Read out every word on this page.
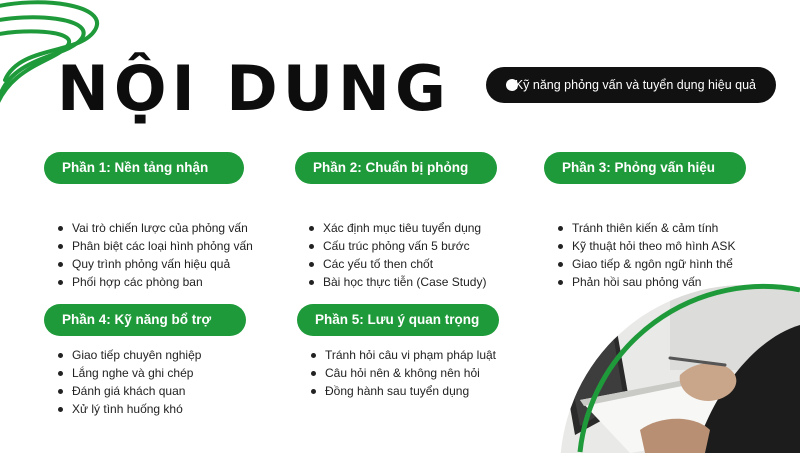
NỘI DUNG	Kỹ năng phỏng vấn và tuyển dụng hiệu quả
Phần 1: Nền tảng nhận thức
Vai trò chiến lược của phỏng vấn
Phân biệt các loại hình phỏng vấn
Quy trình phỏng vấn hiệu quả
Phối hợp các phòng ban
Phần 2: Chuẩn bị phỏng vấn
Xác định mục tiêu tuyển dụng
Cấu trúc phỏng vấn 5 bước
Các yếu tố then chốt
Bài học thực tiễn (Case Study)
Phần 3: Phỏng vấn hiệu quả
Tránh thiên kiến & cảm tính
Kỹ thuật hỏi theo mô hình ASK
Giao tiếp & ngôn ngữ hình thể
Phản hồi sau phỏng vấn
Phần 4: Kỹ năng bổ trợ
Giao tiếp chuyên nghiệp
Lắng nghe và ghi chép
Đánh giá khách quan
Xử lý tình huống khó
Phần 5: Lưu ý quan trọng
Tránh hỏi câu vi phạm pháp luật
Câu hỏi nên & không nên hỏi
Đồng hành sau tuyển dụng
